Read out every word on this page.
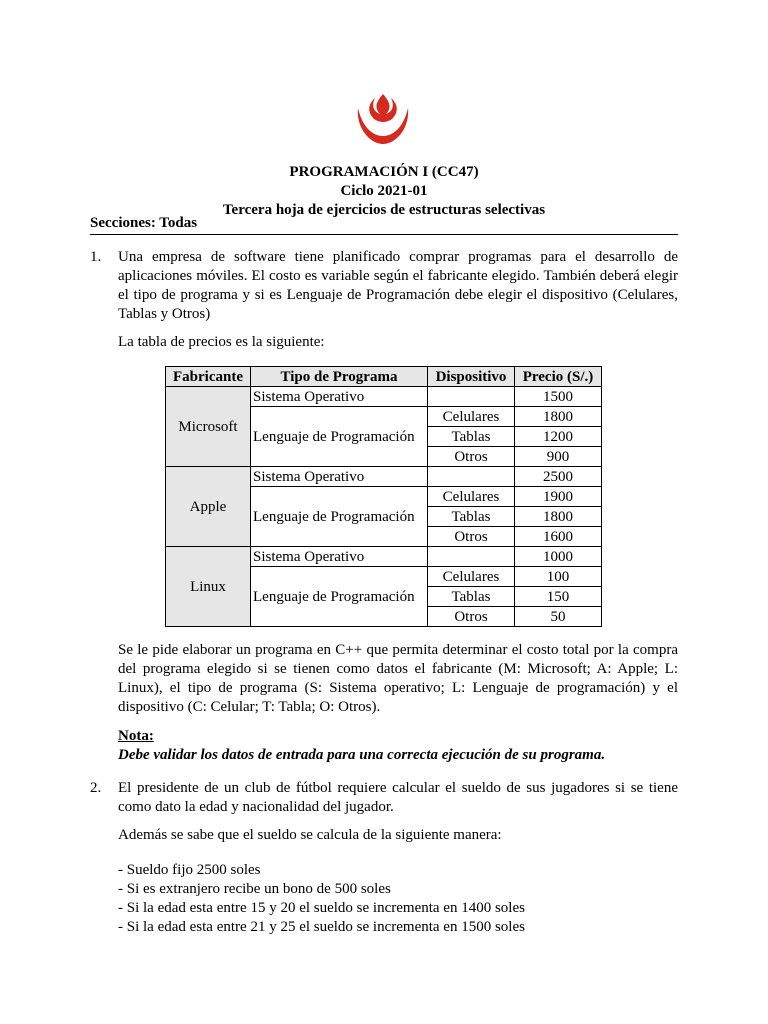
PROGRAMACIÓN I (CC47)
Ciclo 2021-01
Tercera hoja de ejercicios de estructuras selectivas
Secciones: Todas
1.	Una empresa de software tiene planificado comprar programas para el desarrollo de aplicaciones móviles. El costo es variable según el fabricante elegido. También deberá elegir el tipo de programa y si es Lenguaje de Programación debe elegir el dispositivo (Celulares, Tablas y Otros)

La tabla de precios es la siguiente:

Fabricante	Tipo de Programa	Dispositivo	Precio (S/.)
Microsoft	Sistema Operativo		1500
	Lenguaje de Programación	Celulares	1800
		Tablas	1200
		Otros	900
Apple	Sistema Operativo		2500
	Lenguaje de Programación	Celulares	1900
		Tablas	1800
		Otros	1600
Linux	Sistema Operativo		1000
	Lenguaje de Programación	Celulares	100
		Tablas	150
		Otros	50

Se le pide elaborar un programa en C++ que permita determinar el costo total por la compra del programa elegido si se tienen como datos el fabricante (M: Microsoft; A: Apple; L: Linux), el tipo de programa (S: Sistema operativo; L: Lenguaje de programación) y el dispositivo (C: Celular; T: Tabla; O: Otros).

Nota:

Debe validar los datos de entrada para una correcta ejecución de su programa.

2.	El presidente de un club de fútbol requiere calcular el sueldo de sus jugadores si se tiene como dato la edad y nacionalidad del jugador.

Además se sabe que el sueldo se calcula de la siguiente manera:

- Sueldo fijo 2500 soles

- Si es extranjero recibe un bono de 500 soles

- Si la edad esta entre 15 y 20 el sueldo se incrementa en 1400 soles

- Si la edad esta entre 21 y 25 el sueldo se incrementa en 1500 soles
